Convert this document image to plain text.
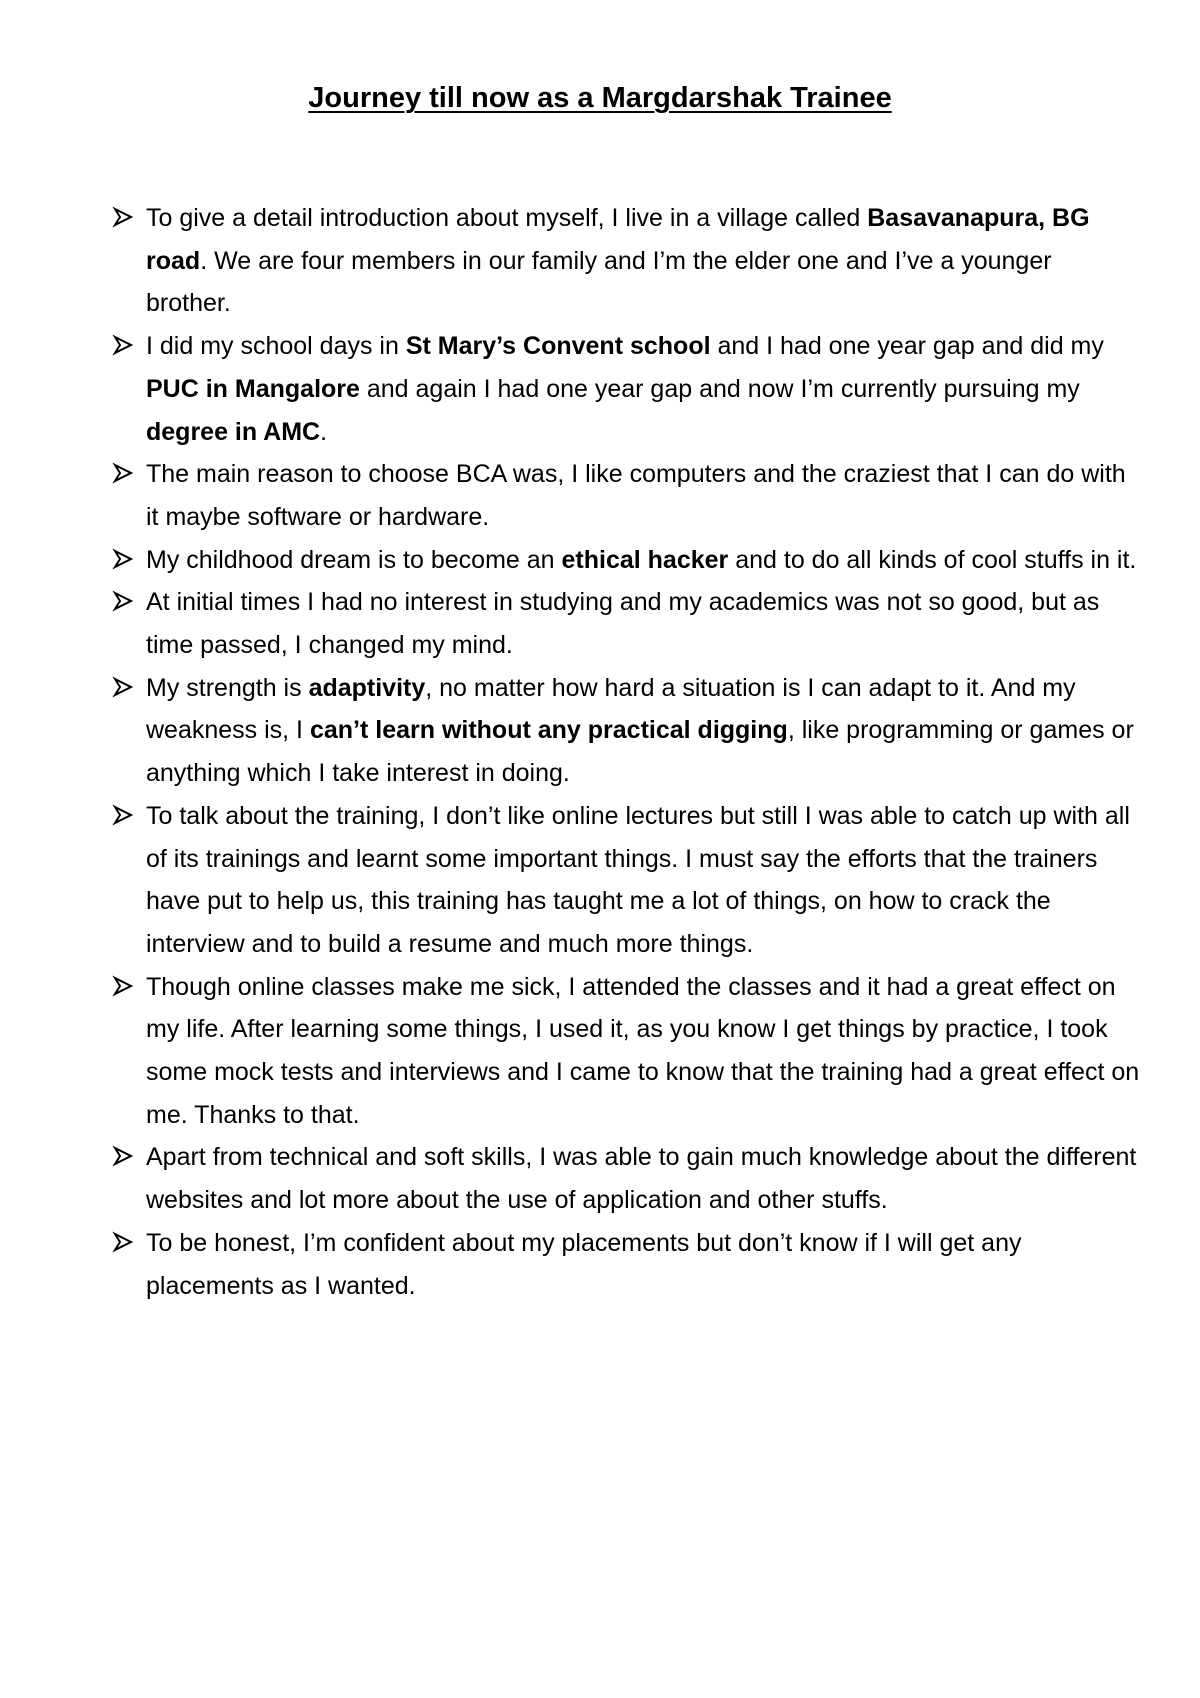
Journey till now as a Margdarshak Trainee
To give a detail introduction about myself, I live in a village called Basavanapura, BG road. We are four members in our family and I’m the elder one and I’ve a younger brother.
I did my school days in St Mary’s Convent school and I had one year gap and did my PUC in Mangalore and again I had one year gap and now I’m currently pursuing my degree in AMC.
The main reason to choose BCA was, I like computers and the craziest that I can do with it maybe software or hardware.
My childhood dream is to become an ethical hacker and to do all kinds of cool stuffs in it.
At initial times I had no interest in studying and my academics was not so good, but as time passed, I changed my mind.
My strength is adaptivity, no matter how hard a situation is I can adapt to it. And my weakness is, I can’t learn without any practical digging, like programming or games or anything which I take interest in doing.
To talk about the training, I don’t like online lectures but still I was able to catch up with all of its trainings and learnt some important things. I must say the efforts that the trainers have put to help us, this training has taught me a lot of things, on how to crack the interview and to build a resume and much more things.
Though online classes make me sick, I attended the classes and it had a great effect on my life. After learning some things, I used it, as you know I get things by practice, I took some mock tests and interviews and I came to know that the training had a great effect on me. Thanks to that.
Apart from technical and soft skills, I was able to gain much knowledge about the different websites and lot more about the use of application and other stuffs.
To be honest, I’m confident about my placements but don’t know if I will get any placements as I wanted.
